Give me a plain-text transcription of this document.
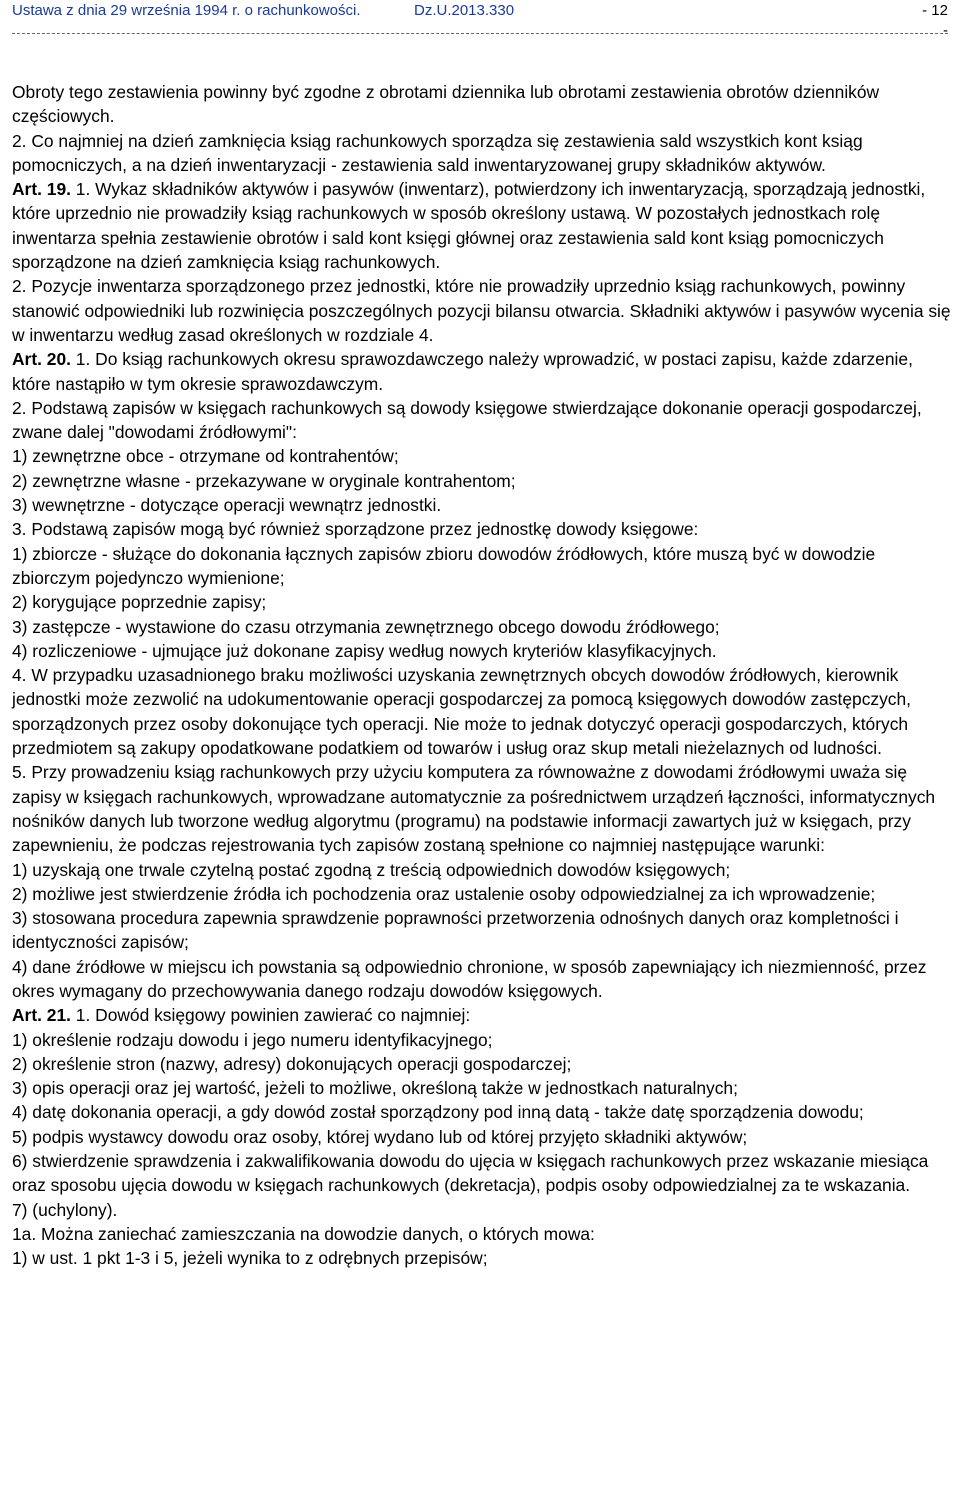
Ustawa z dnia 29 września 1994 r. o rachunkowości.	Dz.U.2013.330	- 12
-

Obroty tego zestawienia powinny być zgodne z obrotami dziennika lub obrotami zestawienia obrotów dzienników częściowych.

2. Co najmniej na dzień zamknięcia ksiąg rachunkowych sporządza się zestawienia sald wszystkich kont ksiąg pomocniczych, a na dzień inwentaryzacji - zestawienia sald inwentaryzowanej grupy składników aktywów.

Art. 19. 1. Wykaz składników aktywów i pasywów (inwentarz), potwierdzony ich inwentaryzacją, sporządzają jednostki, które uprzednio nie prowadziły ksiąg rachunkowych w sposób określony ustawą. W pozostałych jednostkach rolę inwentarza spełnia zestawienie obrotów i sald kont księgi głównej oraz zestawienia sald kont ksiąg pomocniczych sporządzone na dzień zamknięcia ksiąg rachunkowych.

2. Pozycje inwentarza sporządzonego przez jednostki, które nie prowadziły uprzednio ksiąg rachunkowych, powinny stanowić odpowiedniki lub rozwinięcia poszczególnych pozycji bilansu otwarcia. Składniki aktywów i pasywów wycenia się w inwentarzu według zasad określonych w rozdziale 4.

Art. 20. 1. Do ksiąg rachunkowych okresu sprawozdawczego należy wprowadzić, w postaci zapisu, każde zdarzenie, które nastąpiło w tym okresie sprawozdawczym.

2. Podstawą zapisów w księgach rachunkowych są dowody księgowe stwierdzające dokonanie operacji gospodarczej, zwane dalej "dowodami źródłowymi":

1) zewnętrzne obce - otrzymane od kontrahentów;

2) zewnętrzne własne - przekazywane w oryginale kontrahentom;

3) wewnętrzne - dotyczące operacji wewnątrz jednostki.

3. Podstawą zapisów mogą być również sporządzone przez jednostkę dowody księgowe:

1) zbiorcze - służące do dokonania łącznych zapisów zbioru dowodów źródłowych, które muszą być w dowodzie zbiorczym pojedynczo wymienione;

2) korygujące poprzednie zapisy;

3) zastępcze - wystawione do czasu otrzymania zewnętrznego obcego dowodu źródłowego;

4) rozliczeniowe - ujmujące już dokonane zapisy według nowych kryteriów klasyfikacyjnych.

4. W przypadku uzasadnionego braku możliwości uzyskania zewnętrznych obcych dowodów źródłowych, kierownik jednostki może zezwolić na udokumentowanie operacji gospodarczej za pomocą księgowych dowodów zastępczych, sporządzonych przez osoby dokonujące tych operacji. Nie może to jednak dotyczyć operacji gospodarczych, których przedmiotem są zakupy opodatkowane podatkiem od towarów i usług oraz skup metali nieżelaznych od ludności.

5. Przy prowadzeniu ksiąg rachunkowych przy użyciu komputera za równoważne z dowodami źródłowymi uważa się zapisy w księgach rachunkowych, wprowadzane automatycznie za pośrednictwem urządzeń łączności, informatycznych nośników danych lub tworzone według algorytmu (programu) na podstawie informacji zawartych już w księgach, przy zapewnieniu, że podczas rejestrowania tych zapisów zostaną spełnione co najmniej następujące warunki:

1) uzyskają one trwale czytelną postać zgodną z treścią odpowiednich dowodów księgowych;

2) możliwe jest stwierdzenie źródła ich pochodzenia oraz ustalenie osoby odpowiedzialnej za ich wprowadzenie;

3) stosowana procedura zapewnia sprawdzenie poprawności przetworzenia odnośnych danych oraz kompletności i identyczności zapisów;

4) dane źródłowe w miejscu ich powstania są odpowiednio chronione, w sposób zapewniający ich niezmienność, przez okres wymagany do przechowywania danego rodzaju dowodów księgowych.

Art. 21. 1. Dowód księgowy powinien zawierać co najmniej:

1) określenie rodzaju dowodu i jego numeru identyfikacyjnego;

2) określenie stron (nazwy, adresy) dokonujących operacji gospodarczej;

3) opis operacji oraz jej wartość, jeżeli to możliwe, określoną także w jednostkach naturalnych;

4) datę dokonania operacji, a gdy dowód został sporządzony pod inną datą - także datę sporządzenia dowodu;

5) podpis wystawcy dowodu oraz osoby, której wydano lub od której przyjęto składniki aktywów;

6) stwierdzenie sprawdzenia i zakwalifikowania dowodu do ujęcia w księgach rachunkowych przez wskazanie miesiąca oraz sposobu ujęcia dowodu w księgach rachunkowych (dekretacja), podpis osoby odpowiedzialnej za te wskazania.

7) (uchylony).

1a. Można zaniechać zamieszczania na dowodzie danych, o których mowa:

1) w ust. 1 pkt 1-3 i 5, jeżeli wynika to z odrębnych przepisów;
